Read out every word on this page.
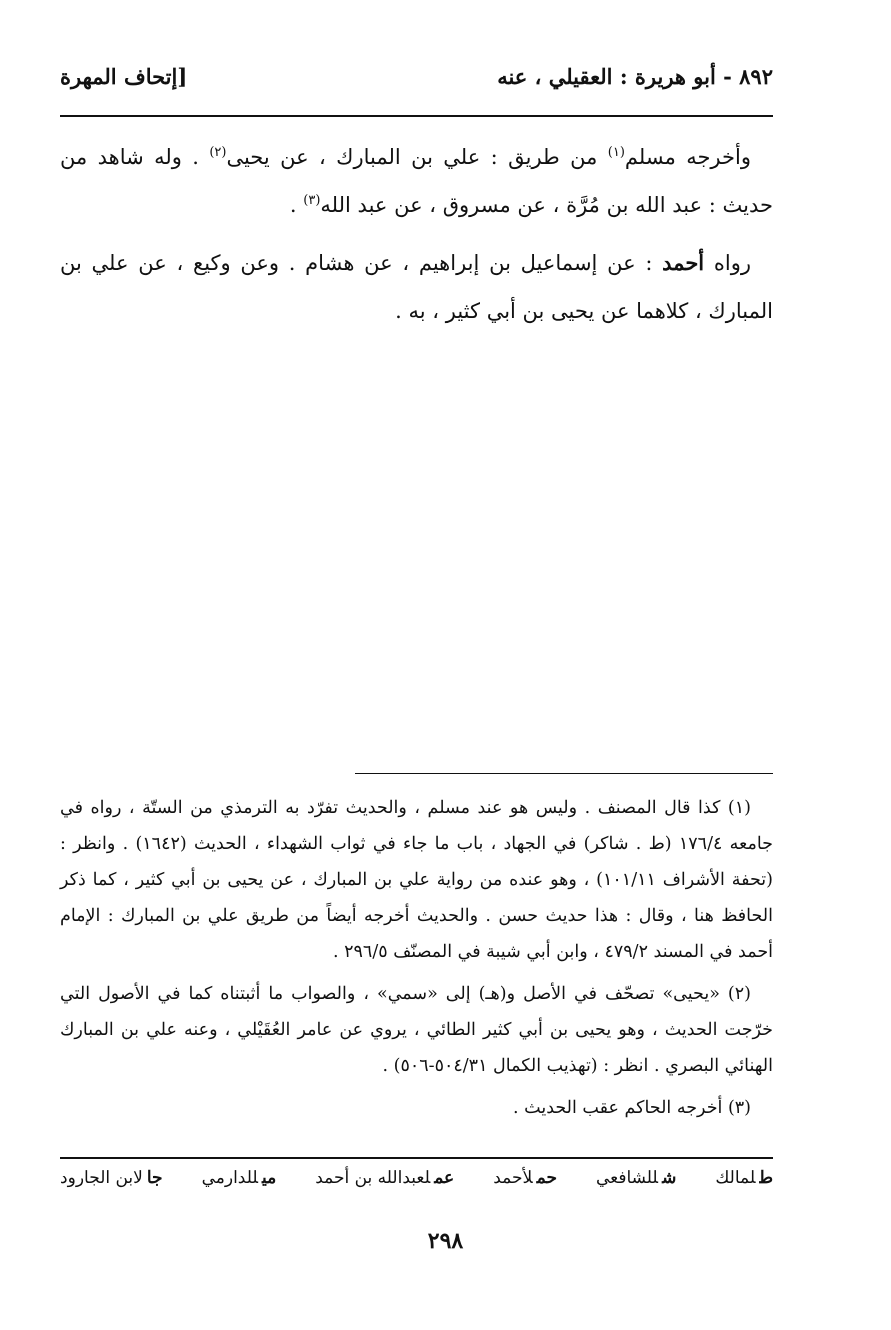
٨٩٢ - أبو هريرة : العقيلي ، عنه
[إتحاف المهرة

وأخرجه مسلم$^{(١)}$ من طريق : علي بن المبارك ، عن يحيى$^{(٢)}$ . وله شاهد من حديث : عبد الله بن مُرَّة ، عن مسروق ، عن عبد الله$^{(٣)}$ .

رواه أحمد : عن إسماعيل بن إبراهيم ، عن هشام . وعن وكيع ، عن علي بن المبارك ، كلاهما عن يحيى بن أبي كثير ، به .

(١) كذا قال المصنف . وليس هو عند مسلم ، والحديث تفرّد به الترمذي من الستّة ، رواه في جامعه ١٧٦/٤ (ط . شاكر) في الجهاد ، باب ما جاء في ثواب الشهداء ، الحديث (١٦٤٢) . وانظر : (تحفة الأشراف ١٠١/١١) ، وهو عنده من رواية علي بن المبارك ، عن يحيى بن أبي كثير ، كما ذكر الحافظ هنا ، وقال : هذا حديث حسن . والحديث أخرجه أيضاً من طريق علي بن المبارك : الإمام أحمد في المسند ٤٧٩/٢ ، وابن أبي شيبة في المصنّف ٢٩٦/٥ .

(٢) «يحيى» تصحّف في الأصل و(هـ) إلى «سمي» ، والصواب ما أثبتناه كما في الأصول التي خرّجت الحديث ، وهو يحيى بن أبي كثير الطائي ، يروي عن عامر العُقَيْلي ، وعنه علي بن المبارك الهنائي البصري . انظر : (تهذيب الكمال ٥٠٤/٣١-٥٠٦) .

(٣) أخرجه الحاكم عقب الحديث .

طلمالك
شللشافعي
حملأحمد
عملعبدالله بن أحمد
ميللدارمي
جالابن الجارود
٢٩٨
